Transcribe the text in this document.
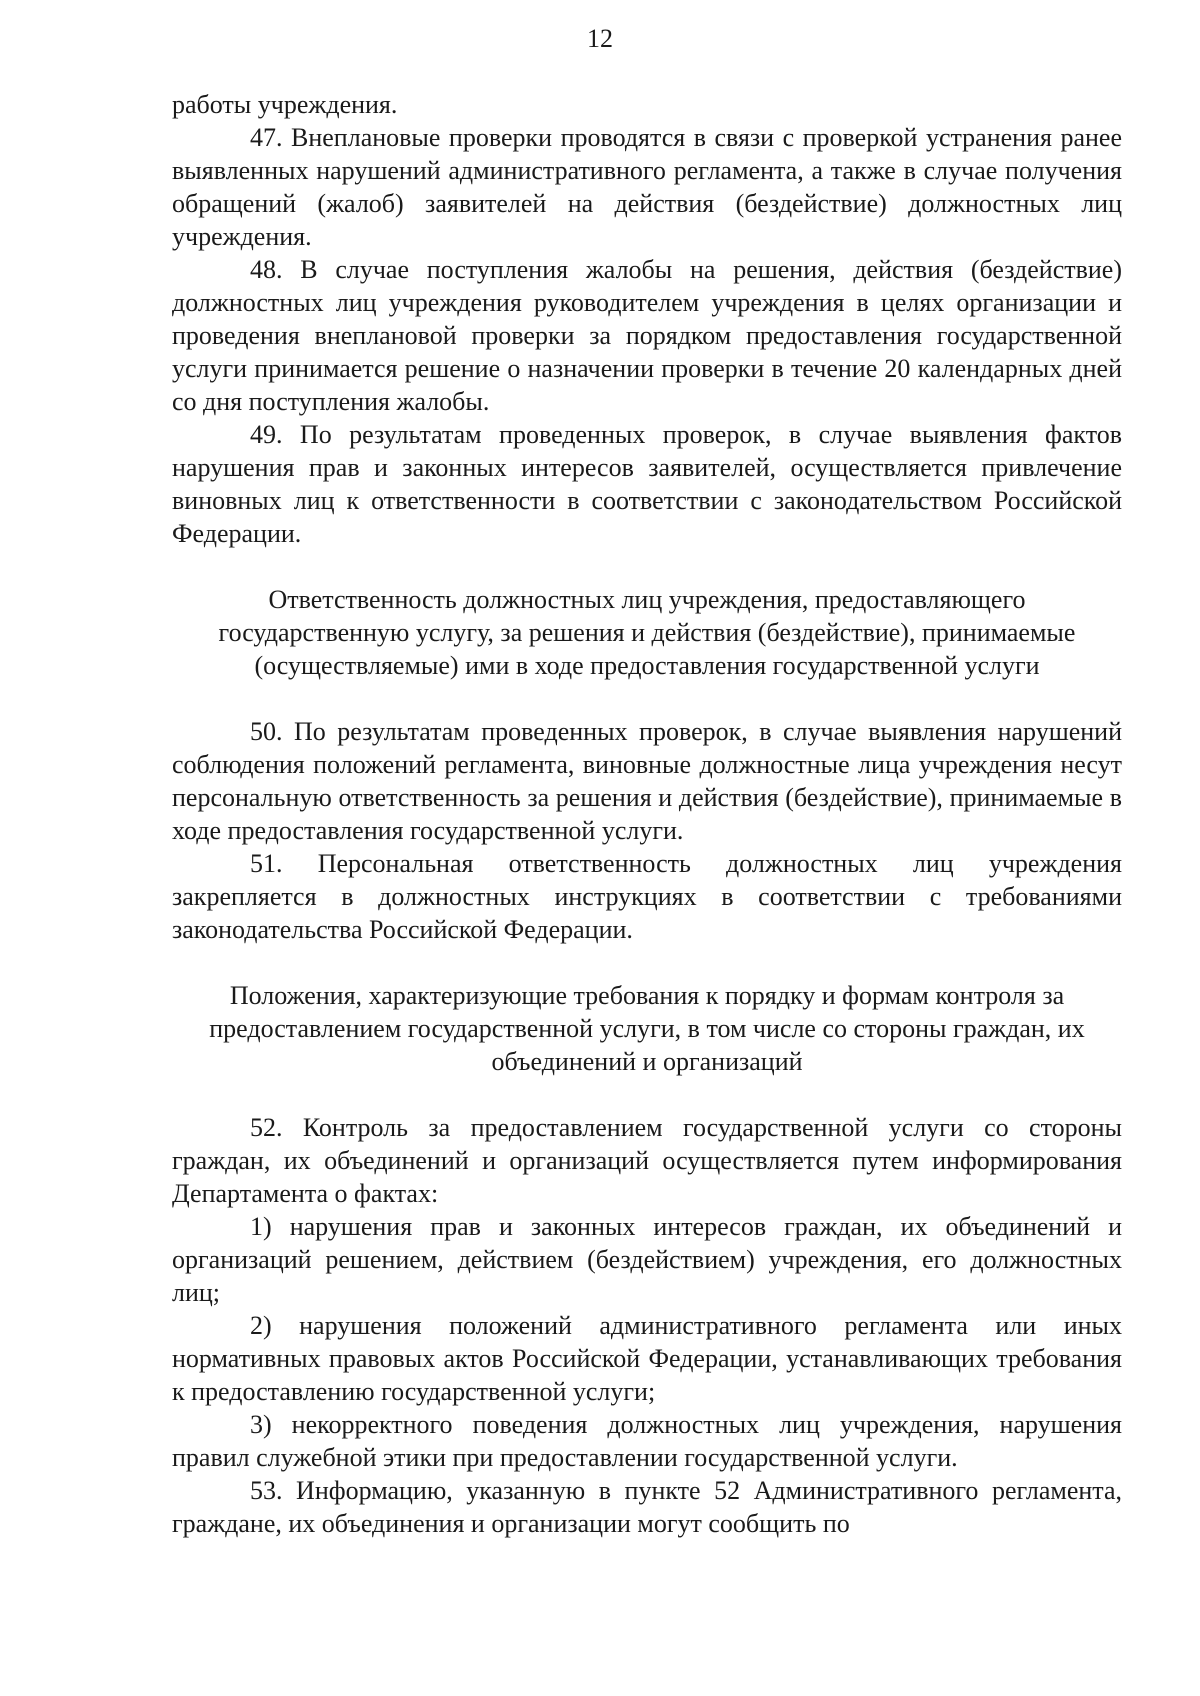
12

работы учреждения.

47. Внеплановые проверки проводятся в связи с проверкой устранения ранее выявленных нарушений административного регламента, а также в случае получения обращений (жалоб) заявителей на действия (бездействие) должностных лиц учреждения.

48. В случае поступления жалобы на решения, действия (бездействие) должностных лиц учреждения руководителем учреждения в целях организации и проведения внеплановой проверки за порядком предоставления государственной услуги принимается решение о назначении проверки в течение 20 календарных дней со дня поступления жалобы.

49. По результатам проведенных проверок, в случае выявления фактов нарушения прав и законных интересов заявителей, осуществляется привлечение виновных лиц к ответственности в соответствии с законодательством Российской Федерации.

Ответственность должностных лиц учреждения, предоставляющего государственную услугу, за решения и действия (бездействие), принимаемые (осуществляемые) ими в ходе предоставления государственной услуги

50. По результатам проведенных проверок, в случае выявления нарушений соблюдения положений регламента, виновные должностные лица учреждения несут персональную ответственность за решения и действия (бездействие), принимаемые в ходе предоставления государственной услуги.

51. Персональная ответственность должностных лиц учреждения закрепляется в должностных инструкциях в соответствии с требованиями законодательства Российской Федерации.

Положения, характеризующие требования к порядку и формам контроля за предоставлением государственной услуги, в том числе со стороны граждан, их объединений и организаций

52. Контроль за предоставлением государственной услуги со стороны граждан, их объединений и организаций осуществляется путем информирования Департамента о фактах:

1) нарушения прав и законных интересов граждан, их объединений и организаций решением, действием (бездействием) учреждения, его должностных лиц;

2) нарушения положений административного регламента или иных нормативных правовых актов Российской Федерации, устанавливающих требования к предоставлению государственной услуги;

3) некорректного поведения должностных лиц учреждения, нарушения правил служебной этики при предоставлении государственной услуги.

53. Информацию, указанную в пункте 52 Административного регламента, граждане, их объединения и организации могут сообщить по
